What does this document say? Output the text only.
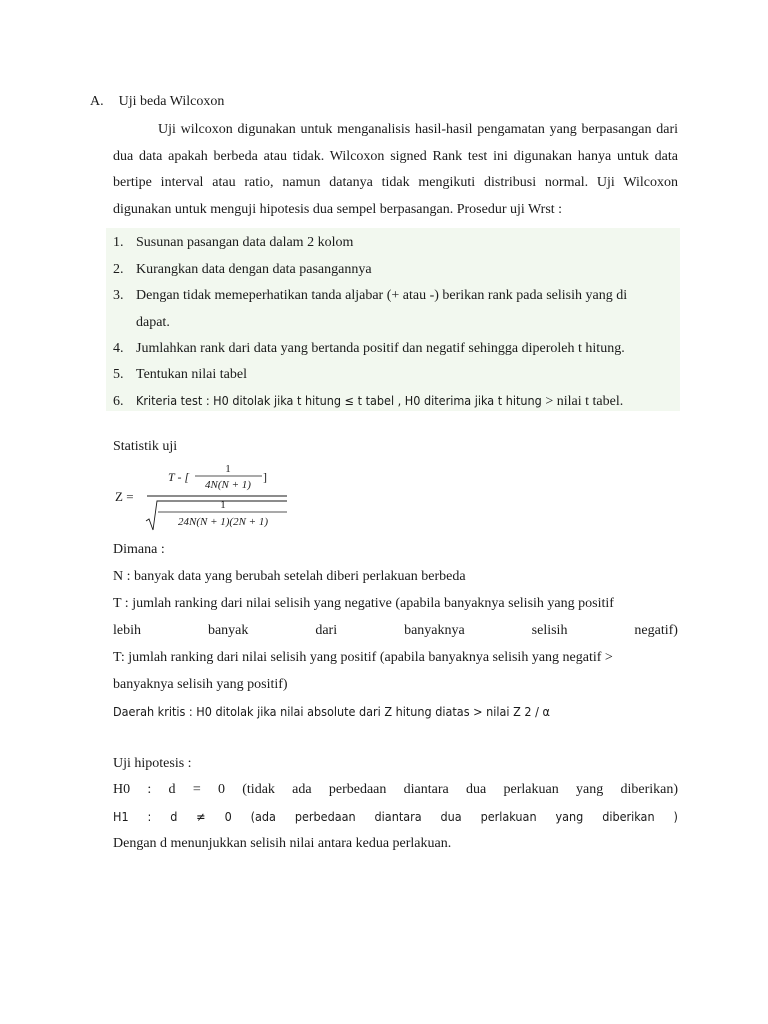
A. Uji beda Wilcoxon
Uji wilcoxon digunakan untuk menganalisis hasil-hasil pengamatan yang berpasangan dari dua data apakah berbeda atau tidak. Wilcoxon signed Rank test ini digunakan hanya untuk data bertipe interval atau ratio, namun datanya tidak mengikuti distribusi normal. Uji Wilcoxon digunakan untuk menguji hipotesis dua sempel berpasangan. Prosedur uji Wrst :
1. Susunan pasangan data dalam 2 kolom
2. Kurangkan data dengan data pasangannya
3. Dengan tidak memeperhatikan tanda aljabar (+ atau -) berikan rank pada selisih yang di
dapat.
4. Jumlahkan rank dari data yang bertanda positif dan negatif sehingga diperoleh t hitung.
5. Tentukan nilai tabel
6. Kriteria test : H0 ditolak jika t hitung ≤ t tabel , H0 diterima jika t hitung > nilai t tabel.
Statistik uji
Z =
T - [
1
4N(N + 1)
]
1
24N(N + 1)(2N + 1)
Dimana :
N : banyak data yang berubah setelah diberi perlakuan berbeda
T : jumlah ranking dari nilai selisih yang negative (apabila banyaknya selisih yang positif
lebih	banyak	dari	banyaknya	selisih	negatif)
T: jumlah ranking dari nilai selisih yang positif (apabila banyaknya selisih yang negatif >
banyaknya selisih yang positif)
Daerah kritis : H0 ditolak jika nilai absolute dari Z hitung diatas > nilai Z 2 / α
Uji hipotesis :
H0 : d = 0 (tidak ada perbedaan diantara dua perlakuan yang diberikan)
H1 : d ≠ 0 (ada perbedaan diantara dua perlakuan yang diberikan )
Dengan d menunjukkan selisih nilai antara kedua perlakuan.
